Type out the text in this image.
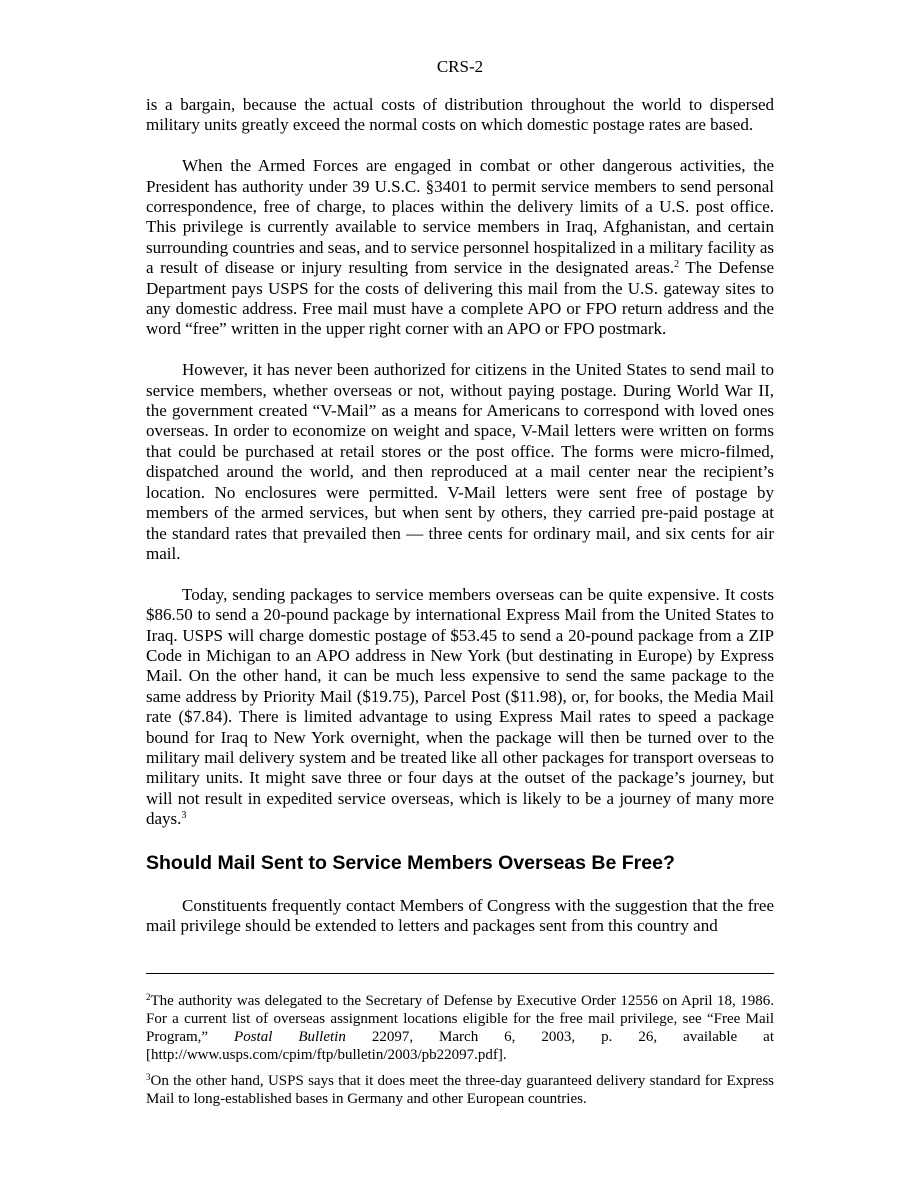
CRS-2

is a bargain, because the actual costs of distribution throughout the world to dispersed military units greatly exceed the normal costs on which domestic postage rates are based.

When the Armed Forces are engaged in combat or other dangerous activities, the President has authority under 39 U.S.C. §3401 to permit service members to send personal correspondence, free of charge, to places within the delivery limits of a U.S. post office. This privilege is currently available to service members in Iraq, Afghanistan, and certain surrounding countries and seas, and to service personnel hospitalized in a military facility as a result of disease or injury resulting from service in the designated areas.$^2$ The Defense Department pays USPS for the costs of delivering this mail from the U.S. gateway sites to any domestic address. Free mail must have a complete APO or FPO return address and the word “free” written in the upper right corner with an APO or FPO postmark.

However, it has never been authorized for citizens in the United States to send mail to service members, whether overseas or not, without paying postage. During World War II, the government created “V-Mail” as a means for Americans to correspond with loved ones overseas. In order to economize on weight and space, V-Mail letters were written on forms that could be purchased at retail stores or the post office. The forms were micro-filmed, dispatched around the world, and then reproduced at a mail center near the recipient’s location. No enclosures were permitted. V-Mail letters were sent free of postage by members of the armed services, but when sent by others, they carried pre-paid postage at the standard rates that prevailed then — three cents for ordinary mail, and six cents for air mail.

Today, sending packages to service members overseas can be quite expensive. It costs $86.50 to send a 20-pound package by international Express Mail from the United States to Iraq. USPS will charge domestic postage of $53.45 to send a 20-pound package from a ZIP Code in Michigan to an APO address in New York (but destinating in Europe) by Express Mail. On the other hand, it can be much less expensive to send the same package to the same address by Priority Mail ($19.75), Parcel Post ($11.98), or, for books, the Media Mail rate ($7.84). There is limited advantage to using Express Mail rates to speed a package bound for Iraq to New York overnight, when the package will then be turned over to the military mail delivery system and be treated like all other packages for transport overseas to military units. It might save three or four days at the outset of the package’s journey, but will not result in expedited service overseas, which is likely to be a journey of many more days.$^3$

Should Mail Sent to Service Members Overseas Be Free?

Constituents frequently contact Members of Congress with the suggestion that the free mail privilege should be extended to letters and packages sent from this country and

$^2$The authority was delegated to the Secretary of Defense by Executive Order 12556 on April 18, 1986. For a current list of overseas assignment locations eligible for the free mail privilege, see “Free Mail Program,” Postal Bulletin 22097, March 6, 2003, p. 26, available at [http://www.usps.com/cpim/ftp/bulletin/2003/pb22097.pdf].

$^3$On the other hand, USPS says that it does meet the three-day guaranteed delivery standard for Express Mail to long-established bases in Germany and other European countries.
